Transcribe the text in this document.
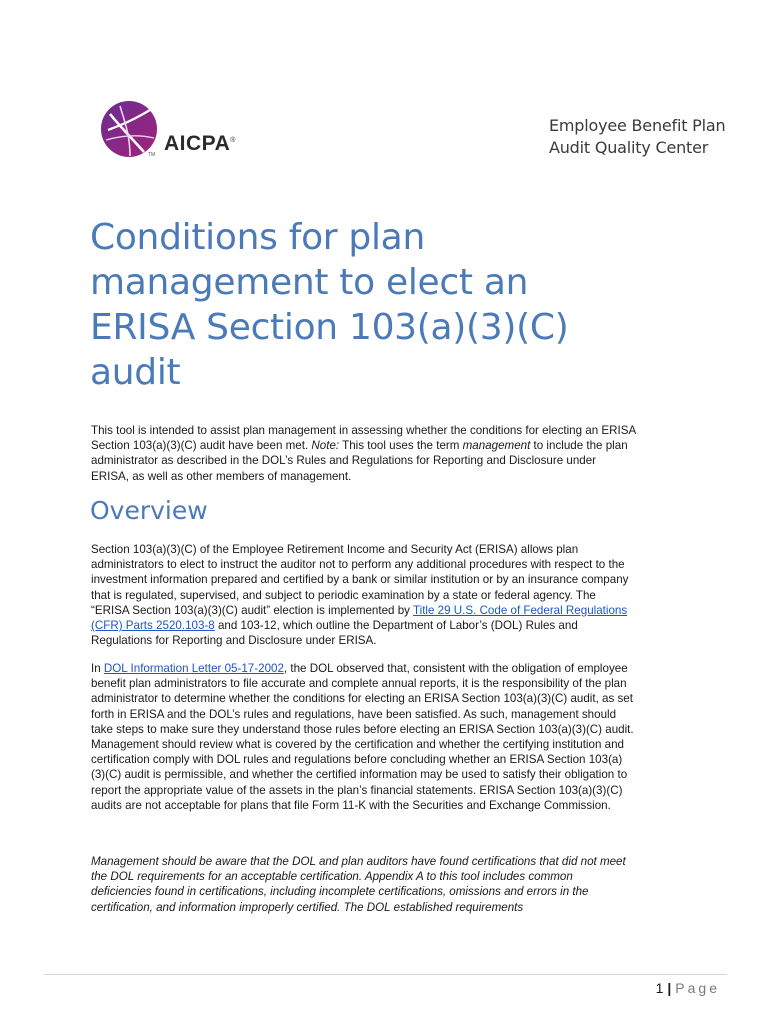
TM AICPA®
Employee Benefit Plan
Audit Quality Center
Conditions for plan
management to elect an
ERISA Section 103(a)(3)(C)
audit

This tool is intended to assist plan management in assessing whether the conditions for electing an ERISA Section 103(a)(3)(C) audit have been met. Note: This tool uses the term management to include the plan administrator as described in the DOL’s Rules and Regulations for Reporting and Disclosure under ERISA, as well as other members of management.

Overview

Section 103(a)(3)(C) of the Employee Retirement Income and Security Act (ERISA) allows plan administrators to elect to instruct the auditor not to perform any additional procedures with respect to the investment information prepared and certified by a bank or similar institution or by an insurance company that is regulated, supervised, and subject to periodic examination by a state or federal agency. The “ERISA Section 103(a)(3)(C) audit” election is implemented by Title 29 U.S. Code of Federal Regulations (CFR) Parts 2520.103-8 and 103-12, which outline the Department of Labor’s (DOL) Rules and Regulations for Reporting and Disclosure under ERISA.

In DOL Information Letter 05-17-2002, the DOL observed that, consistent with the obligation of employee benefit plan administrators to file accurate and complete annual reports, it is the responsibility of the plan administrator to determine whether the conditions for electing an ERISA Section 103(a)(3)(C) audit, as set forth in ERISA and the DOL’s rules and regulations, have been satisfied. As such, management should take steps to make sure they understand those rules before electing an ERISA Section 103(a)(3)(C) audit. Management should review what is covered by the certification and whether the certifying institution and certification comply with DOL rules and regulations before concluding whether an ERISA Section 103(a)(3)(C) audit is permissible, and whether the certified information may be used to satisfy their obligation to report the appropriate value of the assets in the plan’s financial statements. ERISA Section 103(a)(3)(C) audits are not acceptable for plans that file Form 11-K with the Securities and Exchange Commission.

Management should be aware that the DOL and plan auditors have found certifications that did not meet the DOL requirements for an acceptable certification. Appendix A to this tool includes common deficiencies found in certifications, including incomplete certifications, omissions and errors in the certification, and information improperly certified. The DOL established requirements

1 | Page
